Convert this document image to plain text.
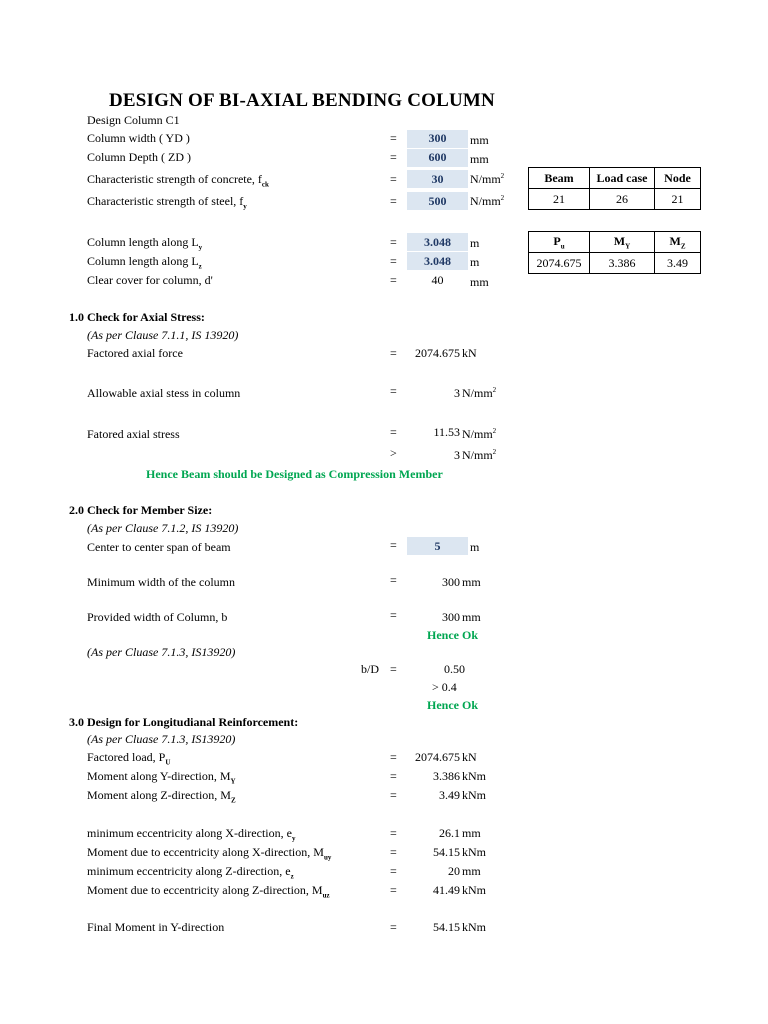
DESIGN OF BI-AXIAL BENDING COLUMN
Design Column C1
Column width ( YD )	=	300	mm
Column Depth ( ZD )	=	600	mm
Characteristic strength of concrete, $f_{ck}$	=	30	$N/mm^2$
Characteristic strength of steel, $f_y$	=	500	$N/mm^2$
Column length along $L_y$	=	3.048	m
Column length along $L_z$	=	3.048	m
Clear cover for column, d'	=	40	mm
Beam	Load case	Node
21	26	21
$P_u$	$M_Y$	$M_Z$
2074.675	3.386	3.49
1.0 Check for Axial Stress:
(As per Clause 7.1.1, IS 13920)
Factored axial force	=	2074.675 kN
Allowable axial stess in column	=	3 $N/mm^2$
Fatored axial stress	=	11.53 $N/mm^2$
>	3 $N/mm^2$
Hence Beam should be Designed as Compression Member
2.0 Check for Member Size:
(As per Clause 7.1.2, IS 13920)
Center to center span of beam	=	5	m
Minimum width of the column	=	300 mm
Provided width of Column, b	=	300 mm
Hence Ok
(As per Cluase 7.1.3, IS13920)
b/D =	0.50
> 0.4
Hence Ok
3.0 Design for Longitudianal Reinforcement:
(As per Cluase 7.1.3, IS13920)
Factored load, $P_U$	=	2074.675 kN
Moment along Y-direction, $M_Y$	=	3.386 kNm
Moment along Z-direction, $M_Z$	=	3.49 kNm
minimum eccentricity along X-direction, $e_y$	=	26.1 mm
Moment due to eccentricity along X-direction, $M_{uy}$	=	54.15 kNm
minimum eccentricity along Z-direction, $e_z$	=	20 mm
Moment due to eccentricity along Z-direction, $M_{uz}$	=	41.49 kNm
Final Moment in Y-direction	=	54.15 kNm
